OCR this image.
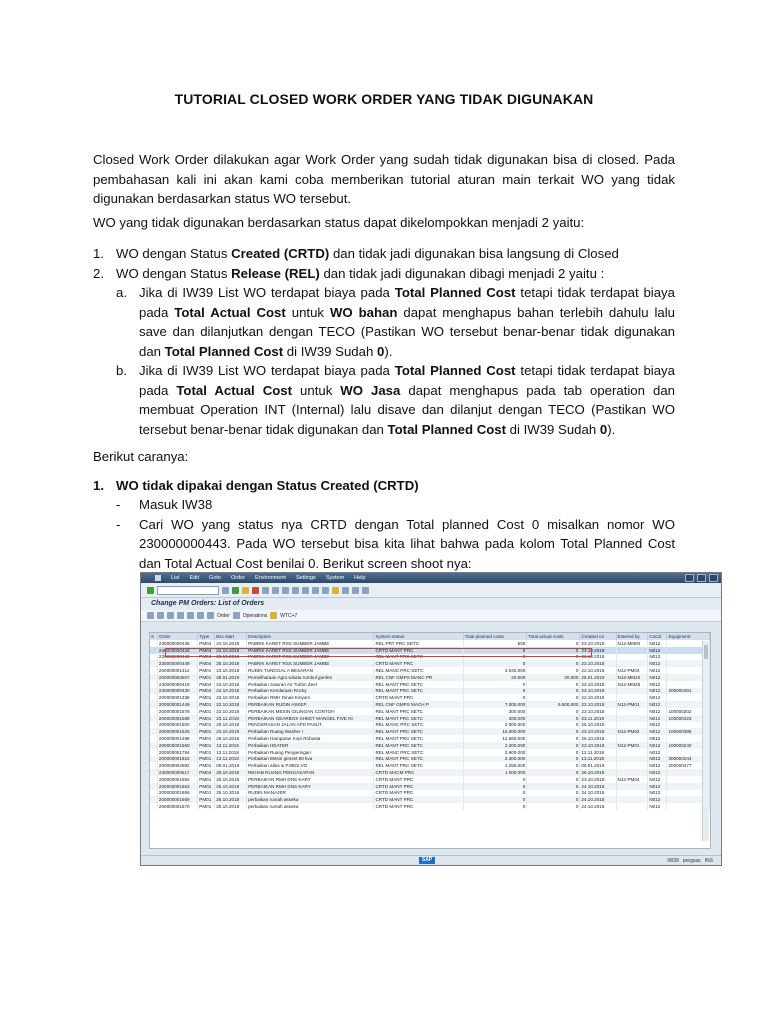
TUTORIAL CLOSED WORK ORDER YANG TIDAK DIGUNAKAN

Closed Work Order dilakukan agar Work Order yang sudah tidak digunakan bisa di closed. Pada pembahasan kali ini akan kami coba memberikan tutorial aturan main terkait WO yang tidak digunakan berdasarkan status WO tersebut.

WO yang tidak digunakan berdasarkan status dapat dikelompokkan menjadi 2 yaitu:

1. WO dengan Status Created (CRTD) dan tidak jadi digunakan bisa langsung di Closed
2. WO dengan Status Release (REL) dan tidak jadi digunakan dibagi menjadi 2 yaitu :
a. Jika di IW39 List WO terdapat biaya pada Total Planned Cost tetapi tidak terdapat biaya pada Total Actual Cost untuk WO bahan dapat menghapus bahan terlebih dahulu lalu save dan dilanjutkan dengan TECO (Pastikan WO tersebut benar-benar tidak digunakan dan Total Planned Cost di IW39 Sudah 0).
b. Jika di IW39 List WO terdapat biaya pada Total Planned Cost tetapi tidak terdapat biaya pada Total Actual Cost untuk WO Jasa dapat menghapus pada tab operation dan membuat Operation INT (Internal) lalu disave dan dilanjut dengan TECO (Pastikan WO tersebut benar-benar tidak digunakan dan Total Planned Cost di IW39 Sudah 0).

Berikut caranya:

1. WO tidak dipakai dengan Status Created (CRTD)
- Masuk IW38
- Cari WO yang status nya CRTD dengan Total planned Cost 0 misalkan nomor WO 230000000443. Pada WO tersebut bisa kita lihat bahwa pada kolom Total Planned Cost dan Total Actual Cost benilai 0. Berikut screen shoot nya:
List Edit Goto Order Environment Settings System Help
Change PM Orders: List of Orders
Order	Operations	WTC+7
S	Order	Type	Bsc start	Description	System status	Total planned costs	Total actual costs	Created on	Entered by	CoCd	Equipment
	230000000436	PM04	24.10.2018	PABRIK KARET RSS SUMBER JAMBE	REL PRT PRC SETC	500	0	23.10.2018	N12-MM04	N012	
	230000000443	PM04	24.10.2018	PABRIK KARET RSS SUMBER JAMBE	CRTD MANT PRC	0	0	23.10.2018		N012	
	230000000448	PM04	25.10.2018	PABRIK KARET RSS SUMBER JAMBE	REL MANT PRC SETC	0	0	23.10.2018		N012	
	230000000449	PM04	25.10.2018	PABRIK KARET RSS SUMBER JAMBE	CRTD MANT PRC	0	0	23.10.2018		N012	
	200000001312	PM01	23.10.2018	RUDIN TUNGGAL A BESARAN	REL MANC PRC SETC	3.040.000	0	22.10.2018	N12-PM04	N012	
	200000002567	PM01	28.01.2019	Pemeliharaan Agro wisata rumbul gonfen	REL CNF GMPS MANC PR	20.000	20.000	25.01.2019	N12-MM22	N012	
	230000000419	PM04	24.10.2018	Perbaikan Saluran Air Turbin Zeel	REL MANT PRC SETC	0	0	23.10.2018	N12-MM25	N012	
	230000000430	PM04	24.10.2018	Perbaikan Kendaraan Rocky	REL MANT PRC SETC	0	0	23.10.2018		N012	200000481
	200000001336	PM01	23.10.2018	Perbaikan RMH Dinas Kinyum	CRTD MANT PRC	0	0	22.10.2018		N012	
	200000001449	PM01	22.10.2018	PERBAIKAN RUDIN ASKEP	REL CNF GMPS MACH P	7.000.000	6.500.000	22.10.2018	N12-PM01	N012	
	200000001578	PM01	23.10.2018	PERBAIKAN MESIN GILINGAN CONTOH	REL MANT PRC SETC	300.000	0	23.10.2018		N012	100000202
	200000001588	PM01	23.11.2018	PERBAIKAN GEARBOX SHEET MANGEL FIVE IN	REL MANT PRC SETC	200.000	0	23.11.2018		N012	100000423
	200000001500	PM01	29.10.2018	PENGERASAN JALAN AFD PASUT	REL MANC PRC SETC	2.000.000	0	26.10.2018		N012	
	200000001526	PM01	24.10.2018	Perbaikan Ruang Washer I	REL MANT PRC SETC	16.000.000	0	23.10.2018	N12-PM02	N012	100000386
	200000001498	PM01	26.10.2018	Perbaikan Hamparan Kopi Robusta	REL MANT PRC SETC	12.566.000	0	26.10.2018		N012	
	200000001560	PM01	13.11.2018	Perbaikan HEATER	REL MANT PRC SETC	2.300.000	0	23.10.2018	N12-PM01	N012	100000240
	200000001794	PM01	13.11.2018	Perbaikan Ruang Pengeringan	REL MANC PRC SETC	3.900.000	0	12.11.2018		N012	
	200000001822	PM01	13.11.2018	Perbaikan Mesin genzet 80 kva	REL MANT PRC SETC	2.300.000	0	13.11.2018		N012	300000244
	200000002582	PM01	09.01.2019	Perbaikan atlas & P.9822.VO	REL MANT PRC SETC	1.255.000	0	09.01.2019		N012	200000477
	230000000517	PM04	29.10.2018	REHAB RUANG PENGASAPAN	CRTD MACM PRC	1.000.000	0	26.10.2018		N012	
	200000001662	PM01	25.10.2018	PERBAIKAN RMH DNS KARY	CRTD MANT PRC	0	0	23.10.2018	N12-PM04	N012	
	200000001663	PM01	25.10.2018	PERBAIKAN RMH DNS KARY	CRTD MANT PRC	0	0	24.10.2018		N012	
	200000001666	PM01	25.10.2018	RUDIN MANAJER	CRTD MANT PRC	0	0	24.10.2018		N012	
	200000001669	PM01	25.10.2018	perbaikan rumah asseka	CRTD MANT PRC	0	0	24.10.2018		N012	
	200000001670	PM01	25.10.2018	perbaikan rumah asseka	CRTD MANT PRC	0	0	24.10.2018		N012	
SAP	IW38 pregsas INS
